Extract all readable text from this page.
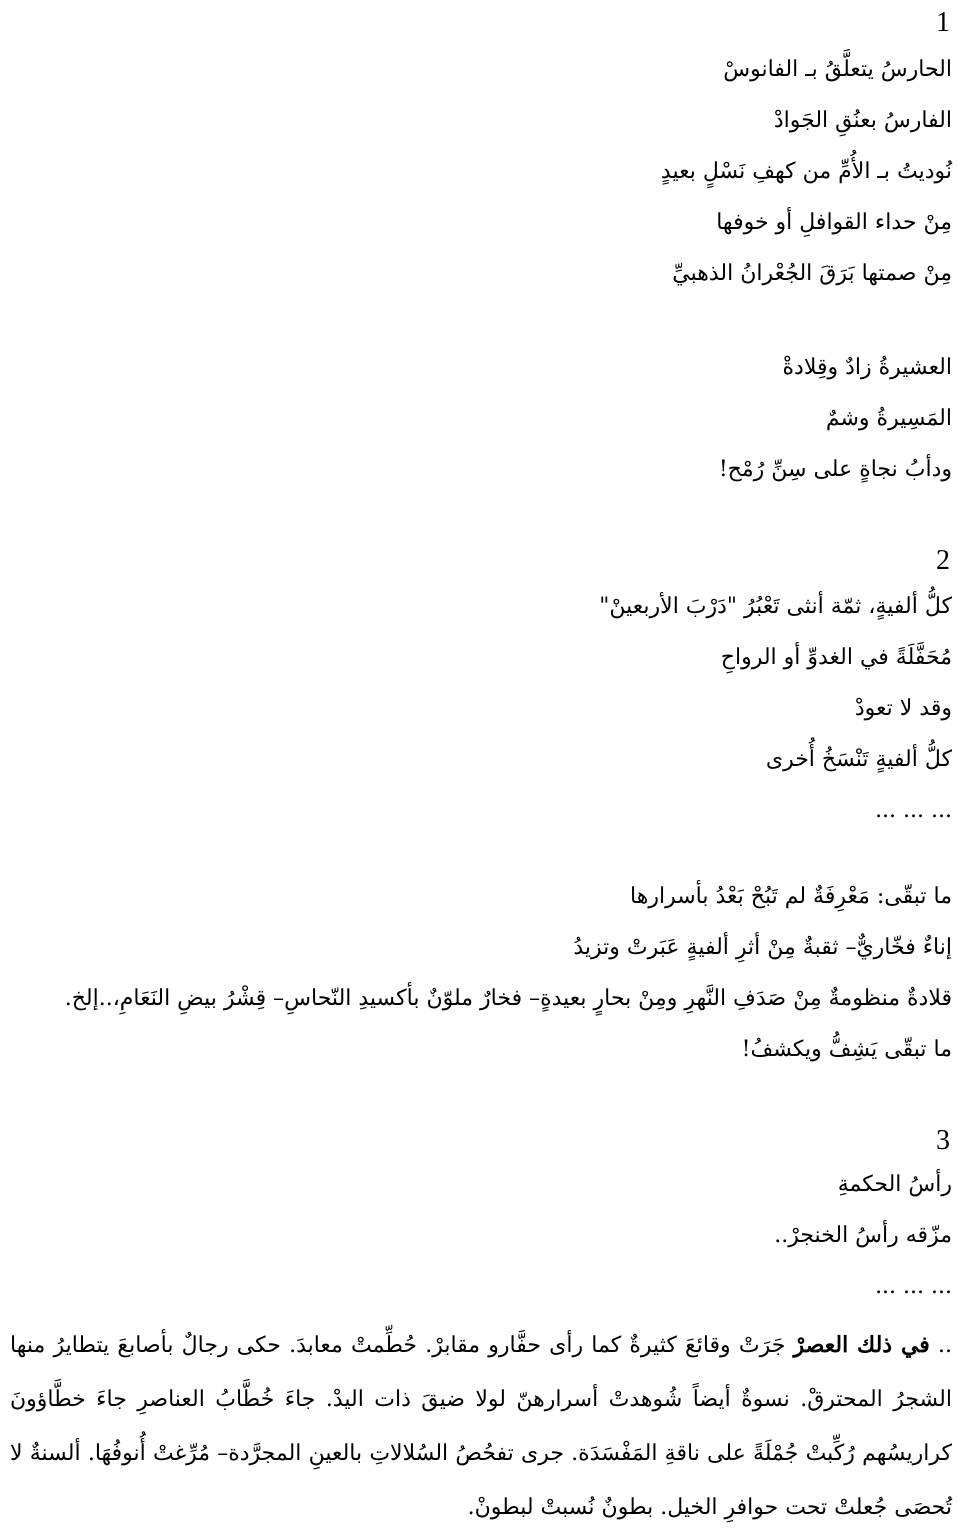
1
الحارسُ يتعلَّقُ بـ الفانوسْ
الفارسُ بعنُقِ الجَوادْ
نُوديتُ بـ الأُمِّ من كهفِ نَسْلٍ بعيدٍ
مِنْ حداء القوافلِ أو خوفها
مِنْ صمتها بَرَقَ الجُعْرانُ الذهبيِّ
العشيرةُ زادٌ وقِلادةْ
المَسِيرةُ وشمٌ
ودأبُ نجاةٍ على سِنِّ رُمْح!
2
كلُّ ألفيةٍ، ثمّة أنثى تَعْبُرُ "دَرْبَ الأربعينْ"
مُحَفَّلَةً في الغدوِّ أو الرواحِ
وقد لا تعودْ
كلُّ ألفيةٍ تَنْسَخُ أُخرى
... ... ...
ما تبقّى: مَعْرِفَةٌ لم تَبُحْ بَعْدُ بأسرارها
إناءٌ فخّاريٌّ– ثقبةٌ مِنْ أثرِ ألفيةٍ عَبَرتْ وتزيدُ
قلادةٌ منظومةٌ مِنْ صَدَفِ النَّهرِ ومِنْ بحارٍ بعيدةٍ– فخارٌ ملوّنٌ بأكسيدِ النّحاسِ– قِشْرُ بيضِ النَعَامِ،..إلخ.
ما تبقّى يَشِفُّ ويكشفُ!
3
رأسُ الحكمةِ
مزّقه رأسُ الخنجرْ..
... ... ...
.. في ذلك العصرْ جَرَتْ وقائعَ كثيرةٌ كما رأى حفَّارو مقابرْ. حُطِّمتْ معابدَ. حكى رجالٌ بأصابعَ يتطايرُ منها الشجرُ المحترقْ. نسوةٌ أيضاً شُوهدتْ أسرارهنّ لولا ضيقَ ذات اليدْ. جاءَ خُطَّابُ العناصرِ جاءَ خطَّاؤونَ كراريسُهم رُكِّبتْ جُمْلَةً على ناقةِ المَفْسَدَة. جرى تفحُصُ السُلالاتِ بالعينِ المجرَّدة– مُرِّغتْ أُنوفُهَا. ألسنةٌ لا تُحصَى جُعلتْ تحت حوافرِ الخيل. بطونٌ نُسبتْ لبطونْ.
